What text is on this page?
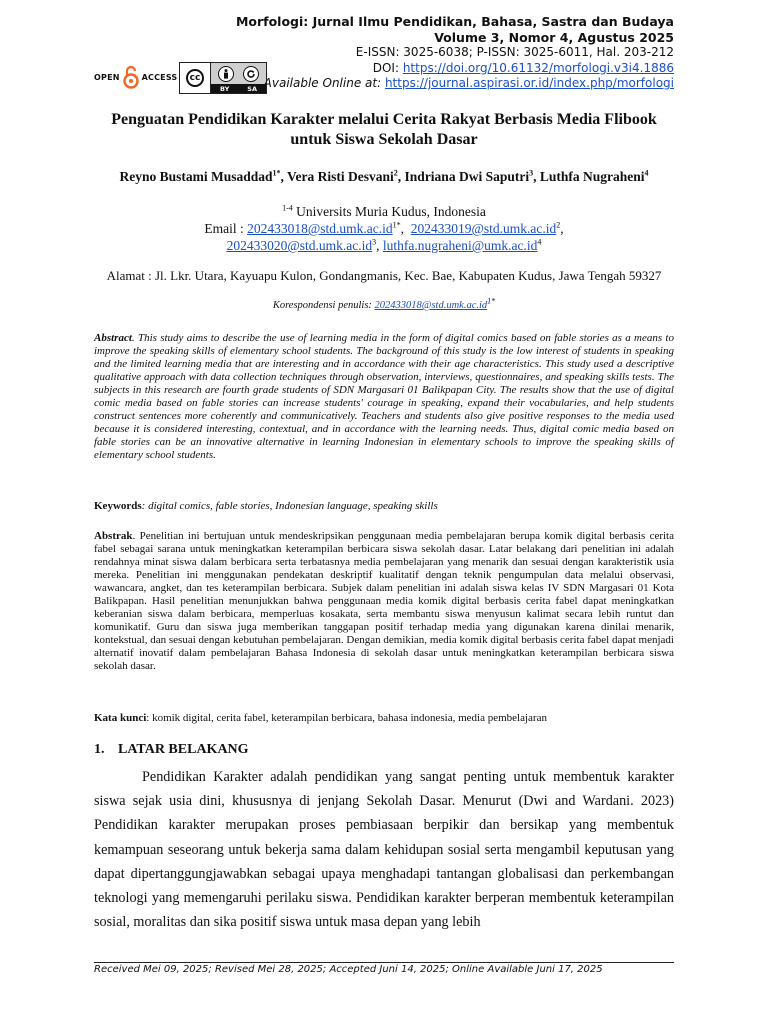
OPEN	ACCESS	cc
BY	SA
Morfologi: Jurnal Ilmu Pendidikan, Bahasa, Sastra dan Budaya
Volume 3, Nomor 4, Agustus 2025
E-ISSN: 3025-6038; P-ISSN: 3025-6011, Hal. 203-212
DOI: https://doi.org/10.61132/morfologi.v3i4.1886
Available Online at: https://journal.aspirasi.or.id/index.php/morfologi
Penguatan Pendidikan Karakter melalui Cerita Rakyat Berbasis Media Flibook untuk Siswa Sekolah Dasar
Reyno Bustami Musaddad$^{1*}$, Vera Risti Desvani$^2$, Indriana Dwi Saputri$^3$, Luthfa Nugraheni$^4$
$^{1-4}$ Universits Muria Kudus, Indonesia
Email : $202433018@std.umk.ac.id^{1*}$,  $202433019@std.umk.ac.id^2$,
$202433020@std.umk.ac.id^3$, $luthfa.nugraheni@umk.ac.id^4$
Alamat : Jl. Lkr. Utara, Kayuapu Kulon, Gondangmanis, Kec. Bae, Kabupaten Kudus, Jawa Tengah 59327
Korespondensi penulis: $202433018@std.umk.ac.id^{1*}$
Abstract. This study aims to describe the use of learning media in the form of digital comics based on fable stories as a means to improve the speaking skills of elementary school students. The background of this study is the low interest of students in speaking and the limited learning media that are interesting and in accordance with their age characteristics. This study used a descriptive qualitative approach with data collection techniques through observation, interviews, questionnaires, and speaking skills tests. The subjects in this research are fourth grade students of SDN Margasari 01 Balikpapan City. The results show that the use of digital comic media based on fable stories can increase students' courage in speaking, expand their vocabularies, and help students construct sentences more coherently and communicatively. Teachers and students also give positive responses to the media used because it is considered interesting, contextual, and in accordance with the learning needs. Thus, digital comic media based on fable stories can be an innovative alternative in learning Indonesian in elementary schools to improve the speaking skills of elementary school students.
Keywords: digital comics, fable stories, Indonesian language, speaking skills
Abstrak. Penelitian ini bertujuan untuk mendeskripsikan penggunaan media pembelajaran berupa komik digital berbasis cerita fabel sebagai sarana untuk meningkatkan keterampilan berbicara siswa sekolah dasar. Latar belakang dari penelitian ini adalah rendahnya minat siswa dalam berbicara serta terbatasnya media pembelajaran yang menarik dan sesuai dengan karakteristik usia mereka. Penelitian ini menggunakan pendekatan deskriptif kualitatif dengan teknik pengumpulan data melalui observasi, wawancara, angket, dan tes keterampilan berbicara. Subjek dalam penelitian ini adalah siswa kelas IV SDN Margasari 01 Kota Balikpapan. Hasil penelitian menunjukkan bahwa penggunaan media komik digital berbasis cerita fabel dapat meningkatkan keberanian siswa dalam berbicara, memperluas kosakata, serta membantu siswa menyusun kalimat secara lebih runtut dan komunikatif. Guru dan siswa juga memberikan tanggapan positif terhadap media yang digunakan karena dinilai menarik, kontekstual, dan sesuai dengan kebutuhan pembelajaran. Dengan demikian, media komik digital berbasis cerita fabel dapat menjadi alternatif inovatif dalam pembelajaran Bahasa Indonesia di sekolah dasar untuk meningkatkan keterampilan berbicara siswa sekolah dasar.
Kata kunci: komik digital, cerita fabel, keterampilan berbicara, bahasa indonesia, media pembelajaran
1. LATAR BELAKANG

Pendidikan Karakter adalah pendidikan yang sangat penting untuk membentuk karakter siswa sejak usia dini, khususnya di jenjang Sekolah Dasar. Menurut (Dwi and Wardani. 2023) Pendidikan karakter merupakan proses pembiasaan berpikir dan bersikap yang membentuk kemampuan seseorang untuk bekerja sama dalam kehidupan sosial serta mengambil keputusan yang dapat dipertanggungjawabkan sebagai upaya menghadapi tantangan globalisasi dan perkembangan teknologi yang memengaruhi perilaku siswa. Pendidikan karakter berperan membentuk keterampilan sosial, moralitas dan sika positif siswa untuk masa depan yang lebih

Received Mei 09, 2025; Revised Mei 28, 2025; Accepted Juni 14, 2025; Online Available Juni 17, 2025
